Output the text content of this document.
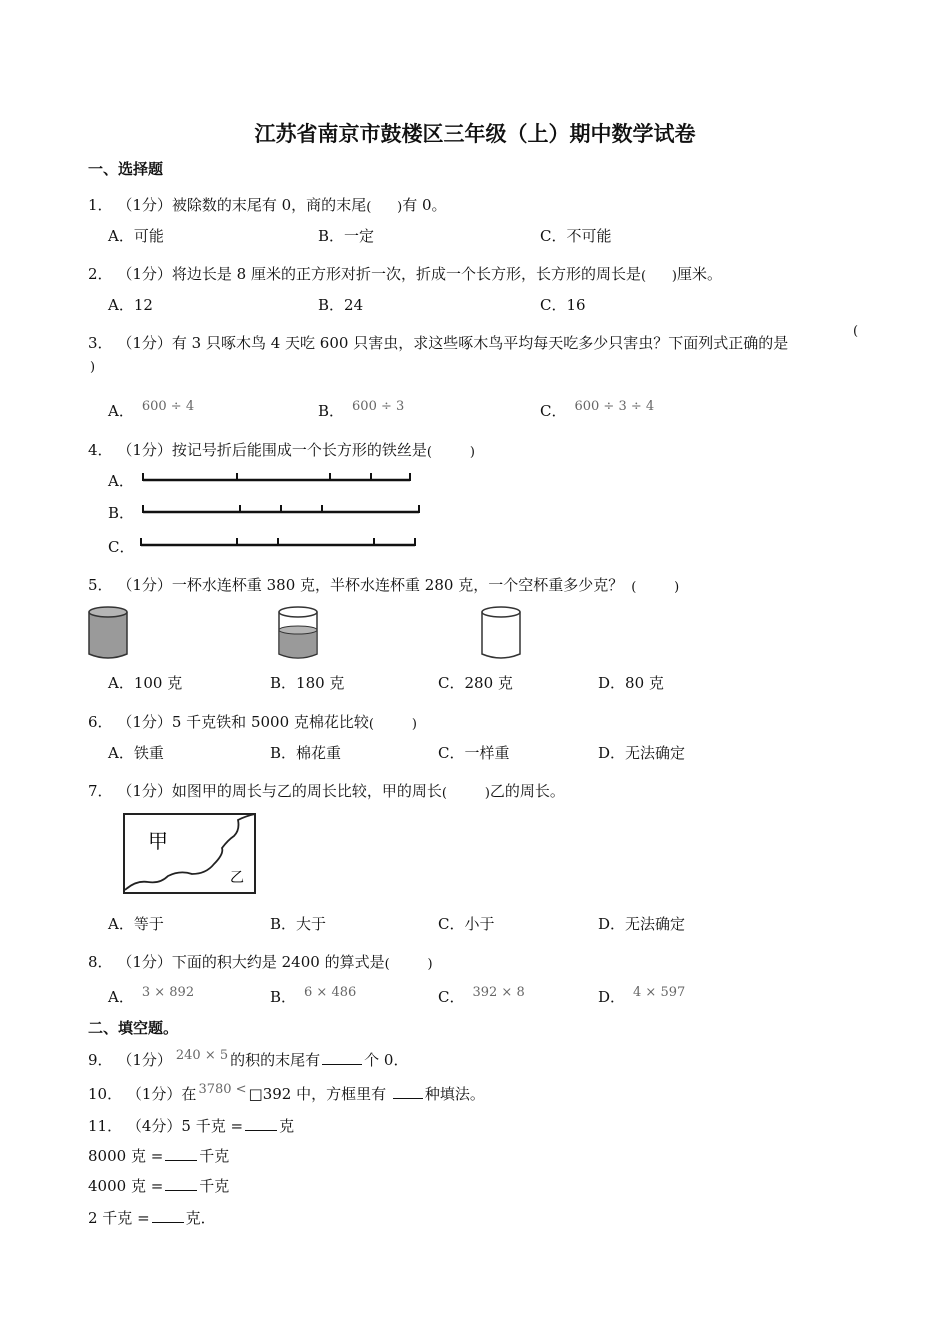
江苏省南京市鼓楼区三年级（上）期中数学试卷
一、选择题
1． （1分）被除数的末尾有 0，商的末尾 ( ) 有 0。
A．可能	B．一定	C．不可能
2． （1分）将边长是 8 厘米的正方形对折一次，折成一个长方形，长方形的周长是 ( ) 厘米。
A．12	B．24	C．16
3． （1分）有 3 只啄木鸟 4 天吃 600 只害虫，求这些啄木鸟平均每天吃多少只害虫？下面列式正确的是
(
)
A． 600 ÷ 4	B． 600 ÷ 3	C． 600 ÷ 3 ÷ 4
4． （1分）按记号折后能围成一个长方形的铁丝是 (	)
A．
B．
C．
5． （1分）一杯水连杯重 380 克，半杯水连杯重 280 克，一个空杯重多少克？ (	)
A．100 克	B．180 克	C．280 克	D．80 克
6． （1分）5 千克铁和 5000 克棉花比较 (	)
A．铁重	B．棉花重	C．一样重	D．无法确定
7． （1分）如图甲的周长与乙的周长比较，甲的周长 (	) 乙的周长。
甲
乙
A．等于	B．大于	C．小于	D．无法确定
8． （1分）下面的积大约是 2400 的算式是 (	)
A． 3 × 892	B． 6 × 486	C． 392 × 8	D． 4 × 597
二、填空题。
9． （1分） 240 × 5 的积的末尾有	个 0．
10． （1分）在 3780 < □392 中，方框里有	种填法。
11． （4分）5 千克 = 克
8000 克 = 千克
4000 克 = 千克
2 千克 = 克．
